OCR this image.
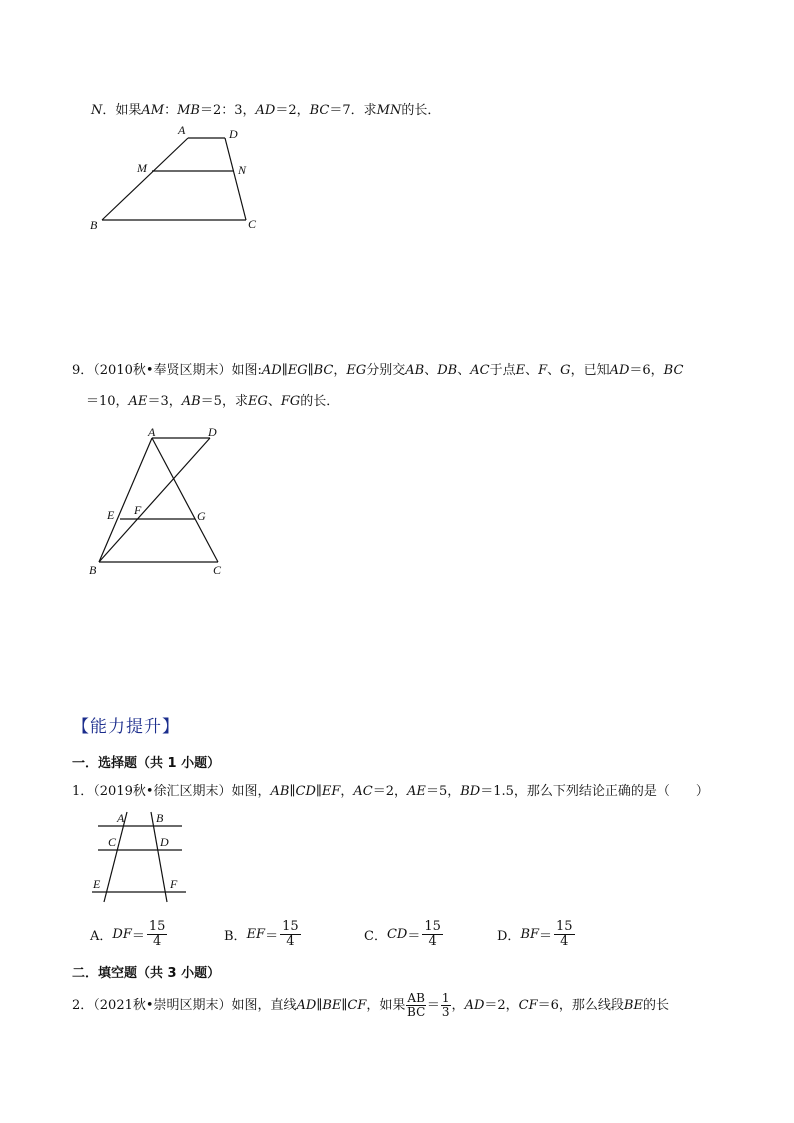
N．如果AM：MB＝2：3，AD＝2，BC＝7．求MN的长．
A	D
M	N
B	C
9．（2010秋•奉贤区期末）如图:AD∥EG∥BC，EG分别交AB、DB、AC于点E、F、G，已知AD＝6，BC
＝10，AE＝3，AB＝5，求EG、FG的长．
A	D
E F	G
B	C
【能力提升】
一．选择题（共 1 小题）
1．（2019秋•徐汇区期末）如图，AB∥CD∥EF，AC＝2，AE＝5，BD＝1.5，那么下列结论正确的是（　　）
A	B
C	D
E	F
A． DF ＝ $\frac{15}{4}$	B． EF ＝ $\frac{15}{4}$	C． CD ＝ $\frac{15}{4}$	D． BF ＝ $\frac{15}{4}$
二．填空题（共 3 小题）
2．（2021秋•崇明区期末）如图，直线AD∥BE∥CF，如果 $\frac{AB}{BC} = \frac{1}{3}$ ，AD＝2，CF＝6，那么线段BE的长
